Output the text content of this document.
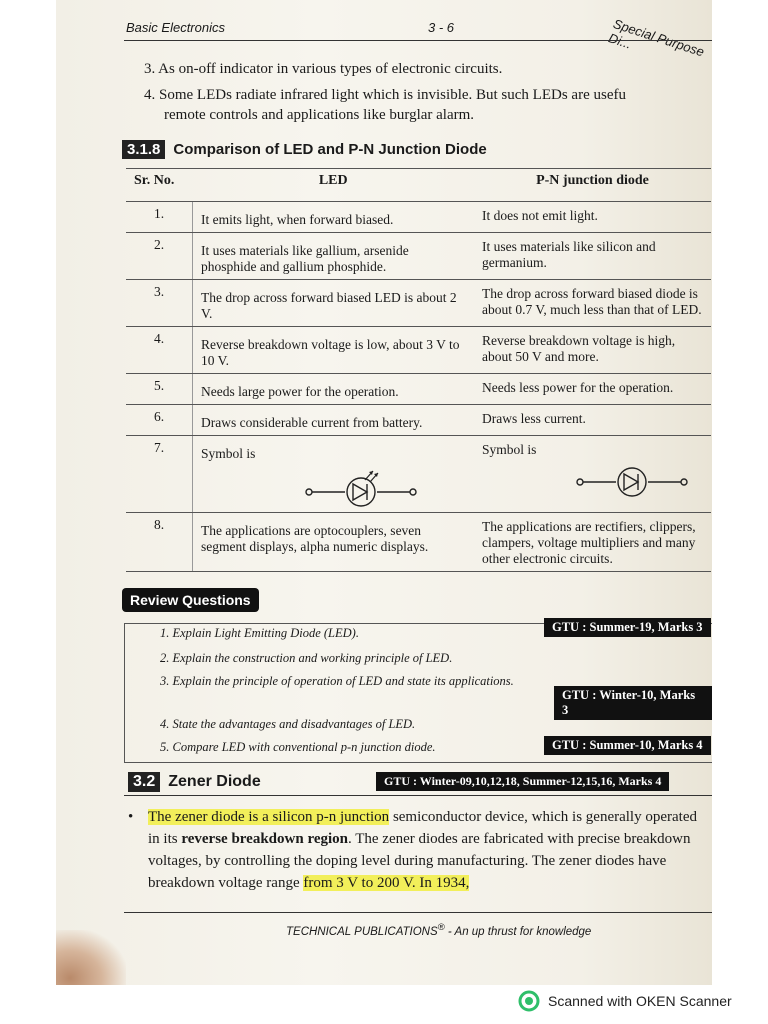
Basic Electronics	3 - 6	Special Purpose Di...
3. As on-off indicator in various types of electronic circuits.
4. Some LEDs radiate infrared light which is invisible. But such LEDs are usefu
remote controls and applications like burglar alarm.
3.1.8 Comparison of LED and P-N Junction Diode
Sr. No.	LED	P-N junction diode
1.	It emits light, when forward biased.	It does not emit light.
2.	It uses materials like gallium, arsenide phosphide and gallium phosphide.	It uses materials like silicon and germanium.
3.	The drop across forward biased LED is about 2 V.	The drop across forward biased diode is about 0.7 V, much less than that of LED.
4.	Reverse breakdown voltage is low, about 3 V to 10 V.	Reverse breakdown voltage is high, about 50 V and more.
5.	Needs large power for the operation.	Needs less power for the operation.
6.	Draws considerable current from battery.	Draws less current.
7.	Symbol is	Symbol is

8.	The applications are optocouplers, seven segment displays, alpha numeric displays.	The applications are rectifiers, clippers, clampers, voltage multipliers and many other electronic circuits.
Review Questions
1. Explain Light Emitting Diode (LED).
2. Explain the construction and working principle of LED.
3. Explain the principle of operation of LED and state its applications.
4. State the advantages and disadvantages of LED.
5. Compare LED with conventional p-n junction diode.
GTU : Summer-19, Marks 3
GTU : Winter-10, Marks 3
GTU : Summer-10, Marks 4
3.2 Zener Diode	GTU : Winter-09,10,12,18, Summer-12,15,16, Marks 4
• The zener diode is a silicon p-n junction semiconductor device, which is generally operated in its reverse breakdown region. The zener diodes are fabricated with precise breakdown voltages, by controlling the doping level during manufacturing. The zener diodes have breakdown voltage range from 3 V to 200 V. In 1934,
TECHNICAL PUBLICATIONS® - An up thrust for knowledge
Scanned with OKEN Scanner
